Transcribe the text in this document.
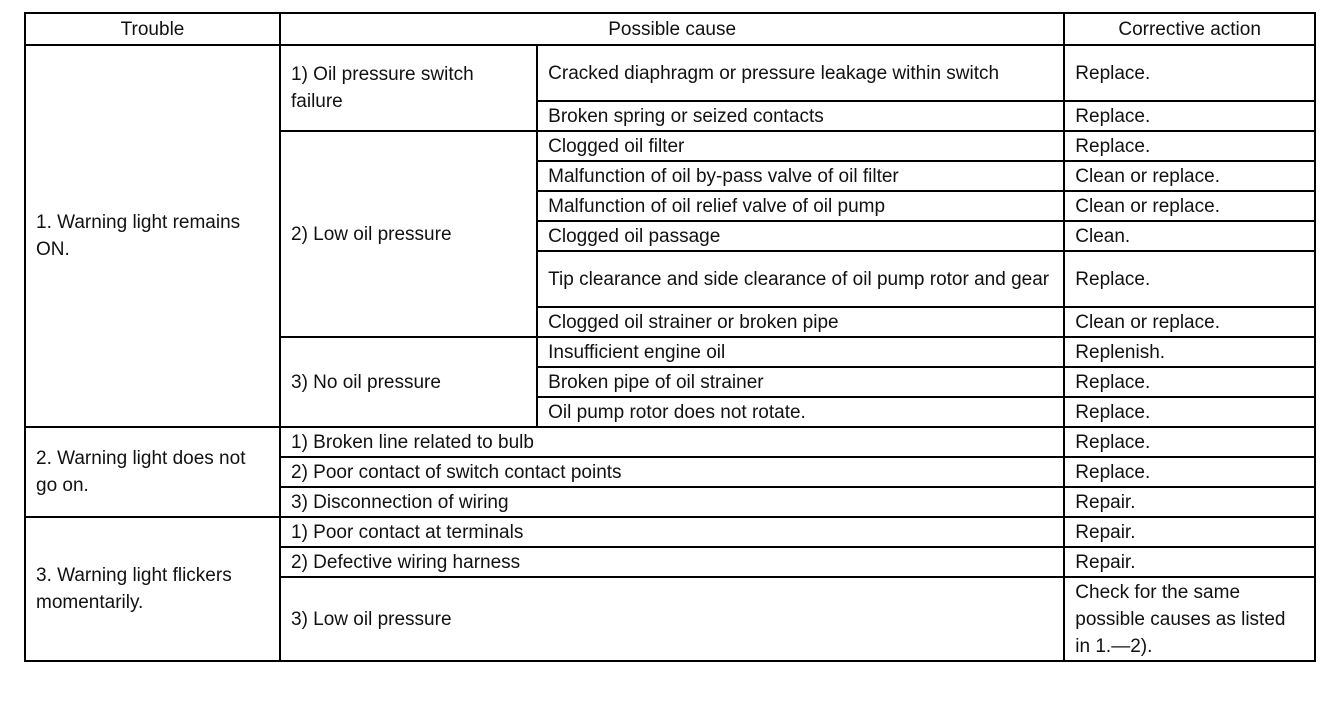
Trouble	Possible cause		Corrective action
1. Warning light remains ON.	1) Oil pressure switch failure	Cracked diaphragm or pressure leakage within switch	Replace.
		Broken spring or seized contacts	Replace.
	2) Low oil pressure	Clogged oil filter	Replace.
		Malfunction of oil by-pass valve of oil filter	Clean or replace.
		Malfunction of oil relief valve of oil pump	Clean or replace.
		Clogged oil passage	Clean.
		Tip clearance and side clearance of oil pump rotor and gear	Replace.
		Clogged oil strainer or broken pipe	Clean or replace.
	3) No oil pressure	Insufficient engine oil	Replenish.
		Broken pipe of oil strainer	Replace.
		Oil pump rotor does not rotate.	Replace.
2. Warning light does not go on.	1) Broken line related to bulb		Replace.
	2) Poor contact of switch contact points		Replace.
	3) Disconnection of wiring		Repair.
3. Warning light flickers momentarily.	1) Poor contact at terminals		Repair.
	2) Defective wiring harness		Repair.
	3) Low oil pressure		Check for the same possible causes as listed in 1.—2).
